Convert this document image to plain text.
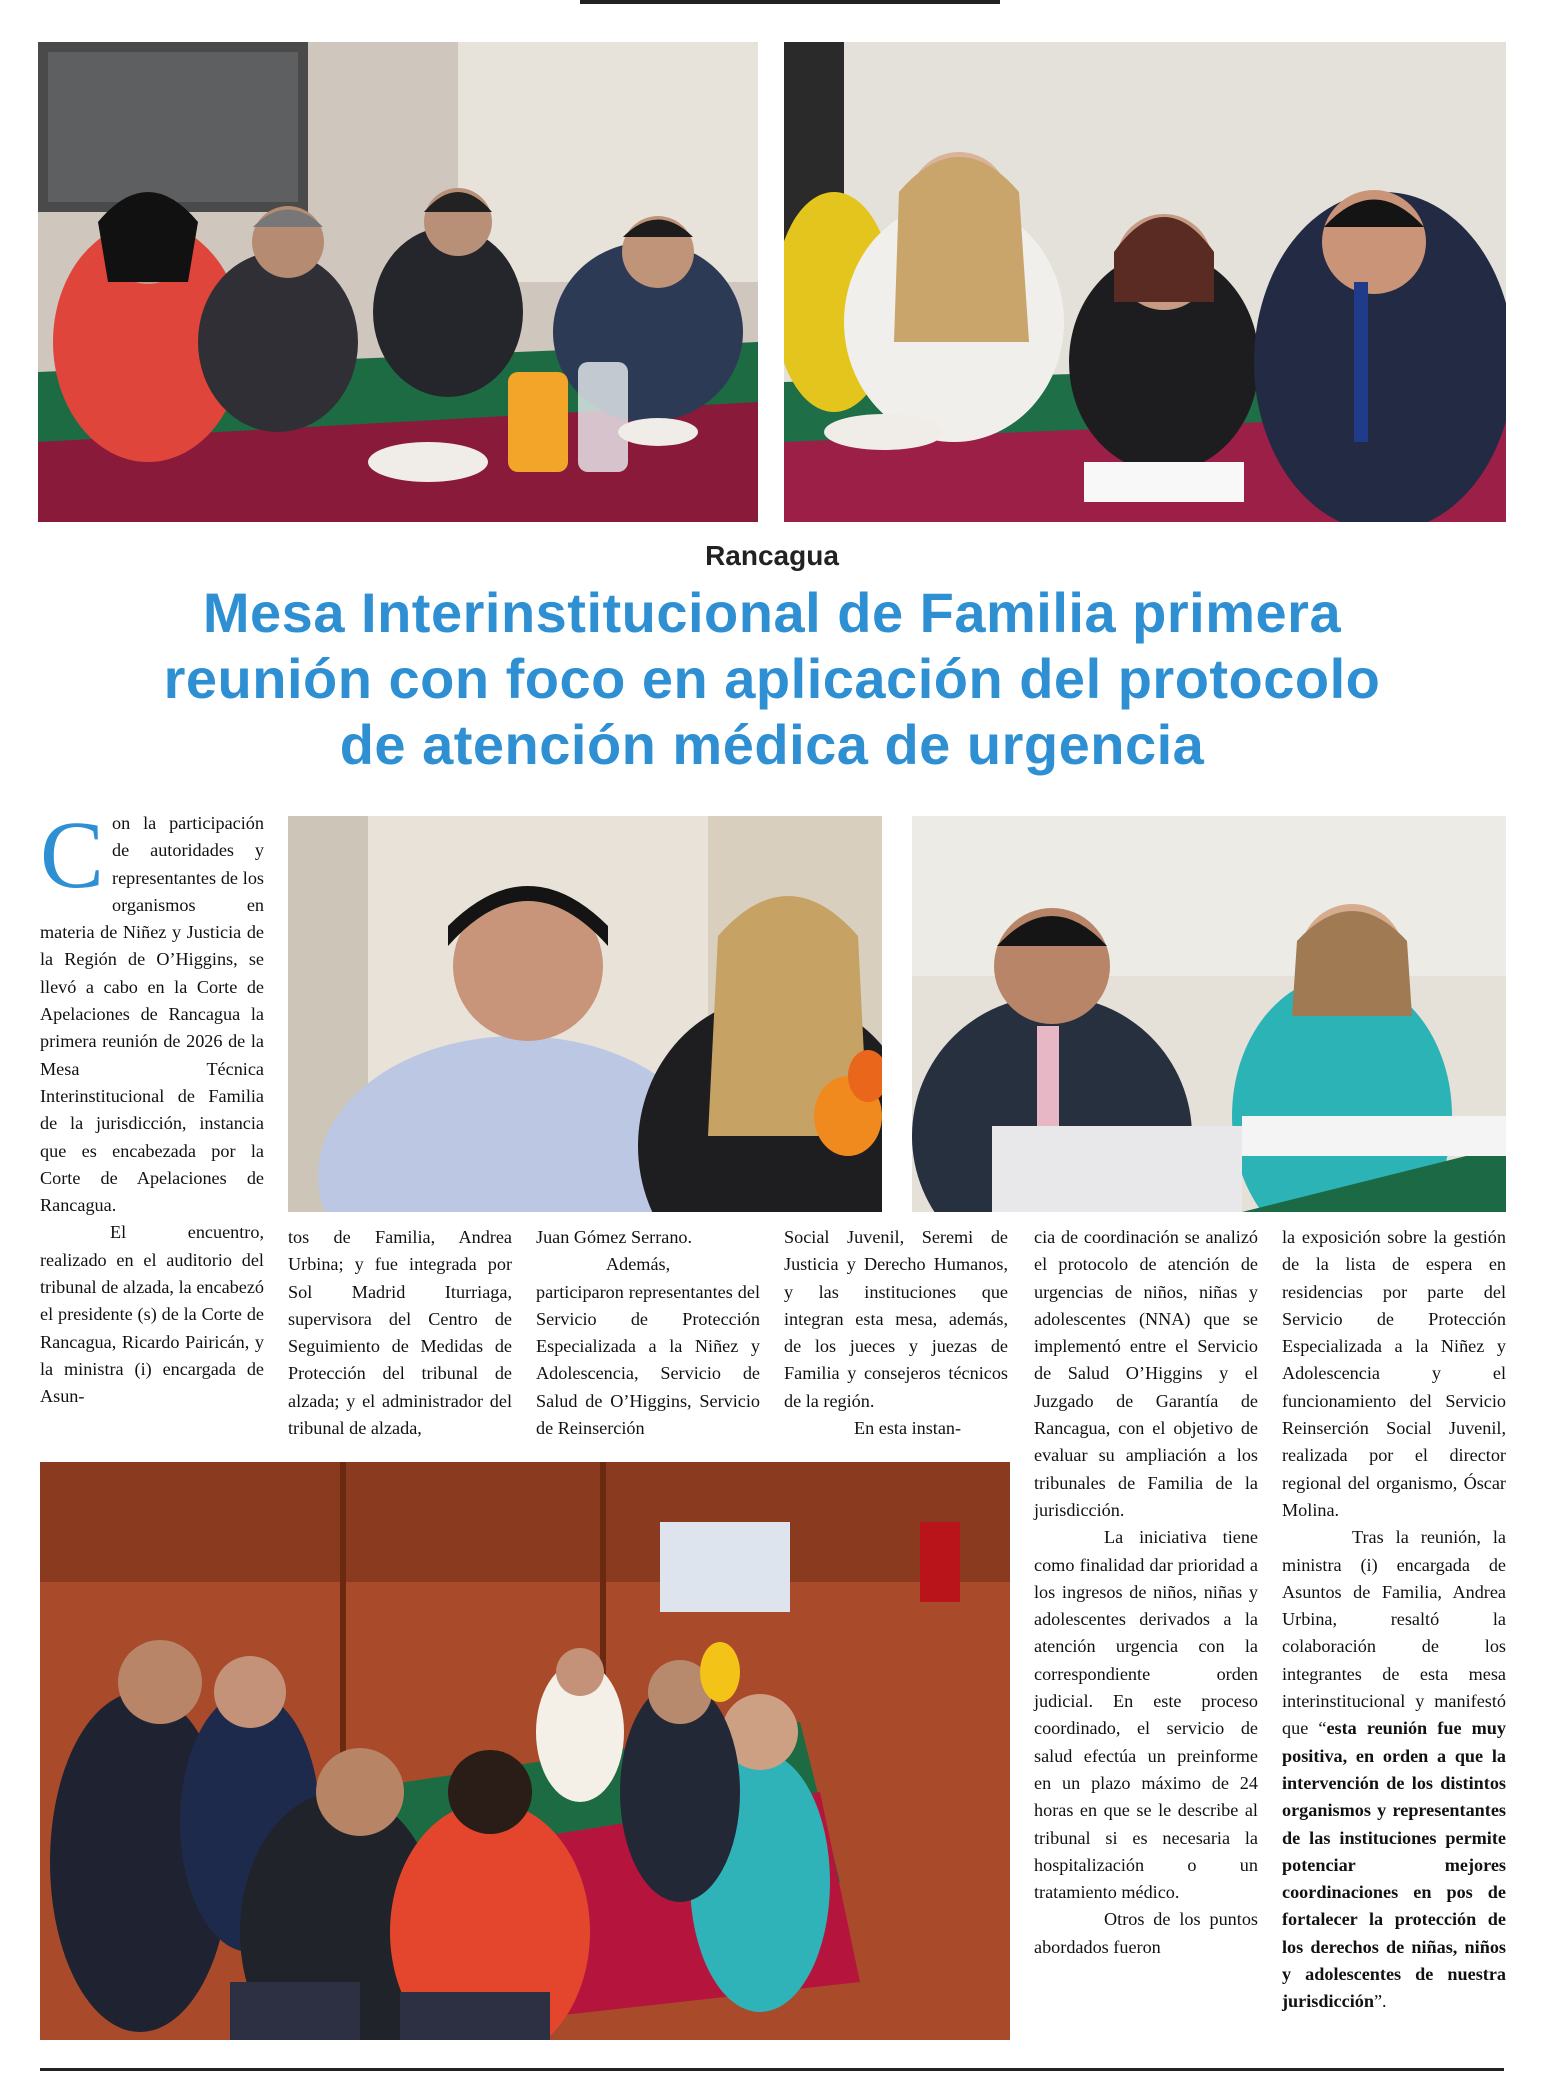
Rancagua
Mesa Interinstitucional de Familia primera
reunión con foco en aplicación del protocolo
de atención médica de urgencia

Con la participación de autoridades y representantes de los organismos en materia de Niñez y Justicia de la Región de O’Higgins, se llevó a cabo en la Corte de Apelaciones de Rancagua la primera reunión de 2026 de la Mesa Técnica Interinstitucional de Familia de la jurisdicción, instancia que es encabezada por la Corte de Apelaciones de Rancagua.

El encuentro, realizado en el auditorio del tribunal de alzada, la encabezó el presidente (s) de la Corte de Rancagua, Ricardo Pairicán, y la ministra (i) encargada de Asun-

tos de Familia, Andrea Urbina; y fue integrada por Sol Madrid Iturriaga, supervisora del Centro de Seguimiento de Medidas de Protección del tribunal de alzada; y el administrador del tribunal de alzada,

Juan Gómez Serrano.

Además, participaron representantes del Servicio de Protección Especializada a la Niñez y Adolescencia, Servicio de Salud de O’Higgins, Servicio de Reinserción

Social Juvenil, Seremi de Justicia y Derecho Humanos, y las instituciones que integran esta mesa, además, de los jueces y juezas de Familia y consejeros técnicos de la región.

En esta instan-

cia de coordinación se analizó el protocolo de atención de urgencias de niños, niñas y adolescentes (NNA) que se implementó entre el Servicio de Salud O’Higgins y el Juzgado de Garantía de Rancagua, con el objetivo de evaluar su ampliación a los tribunales de Familia de la jurisdicción.

La iniciativa tiene como finalidad dar prioridad a los ingresos de niños, niñas y adolescentes derivados a la atención urgencia con la correspondiente orden judicial. En este proceso coordinado, el servicio de salud efectúa un preinforme en un plazo máximo de 24 horas en que se le describe al tribunal si es necesaria la hospitalización o un tratamiento médico.

Otros de los puntos abordados fueron

la exposición sobre la gestión de la lista de espera en residencias por parte del Servicio de Protección Especializada a la Niñez y Adolescencia y el funcionamiento del Servicio Reinserción Social Juvenil, realizada por el director regional del organismo, Óscar Molina.

Tras la reunión, la ministra (i) encargada de Asuntos de Familia, Andrea Urbina, resaltó la colaboración de los integrantes de esta mesa interinstitucional y manifestó que “esta reunión fue muy positiva, en orden a que la intervención de los distintos organismos y representantes de las instituciones permite potenciar mejores coordinaciones en pos de fortalecer la protección de los derechos de niñas, niños y adolescentes de nuestra jurisdicción”.
